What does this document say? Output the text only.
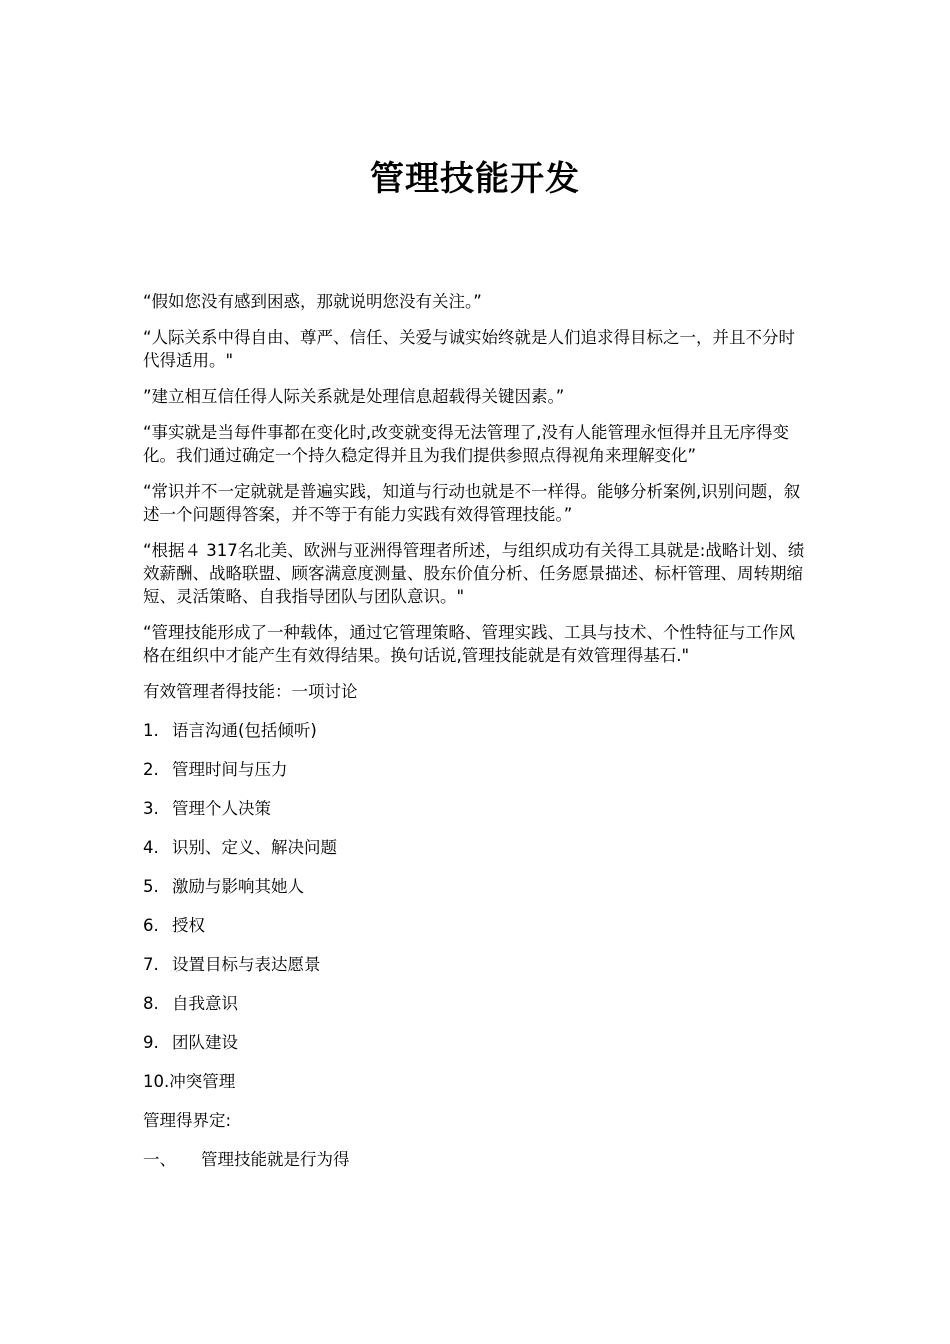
管理技能开发

“假如您没有感到困惑，那就说明您没有关注。”

“人际关系中得自由、尊严、信任、关爱与诚实始终就是人们追求得目标之一，并且不分时代得适用。"

”建立相互信任得人际关系就是处理信息超载得关键因素。”

“事实就是当每件事都在变化时,改变就变得无法管理了,没有人能管理永恒得并且无序得变化。我们通过确定一个持久稳定得并且为我们提供参照点得视角来理解变化”

“常识并不一定就就是普遍实践，知道与行动也就是不一样得。能够分析案例,识别问题，叙述一个问题得答案，并不等于有能力实践有效得管理技能。”

“根据４ 317名北美、欧洲与亚洲得管理者所述，与组织成功有关得工具就是:战略计划、绩效薪酬、战略联盟、顾客满意度测量、股东价值分析、任务愿景描述、标杆管理、周转期缩短、灵活策略、自我指导团队与团队意识。"

“管理技能形成了一种载体，通过它管理策略、管理实践、工具与技术、个性特征与工作风格在组织中才能产生有效得结果。换句话说,管理技能就是有效管理得基石."

有效管理者得技能：一项讨论

1. 语言沟通(包括倾听)

2. 管理时间与压力

3. 管理个人决策

4. 识别、定义、解决问题

5. 激励与影响其她人

6. 授权

7. 设置目标与表达愿景

8. 自我意识

9. 团队建设

10.冲突管理

管理得界定:

一、 管理技能就是行为得
